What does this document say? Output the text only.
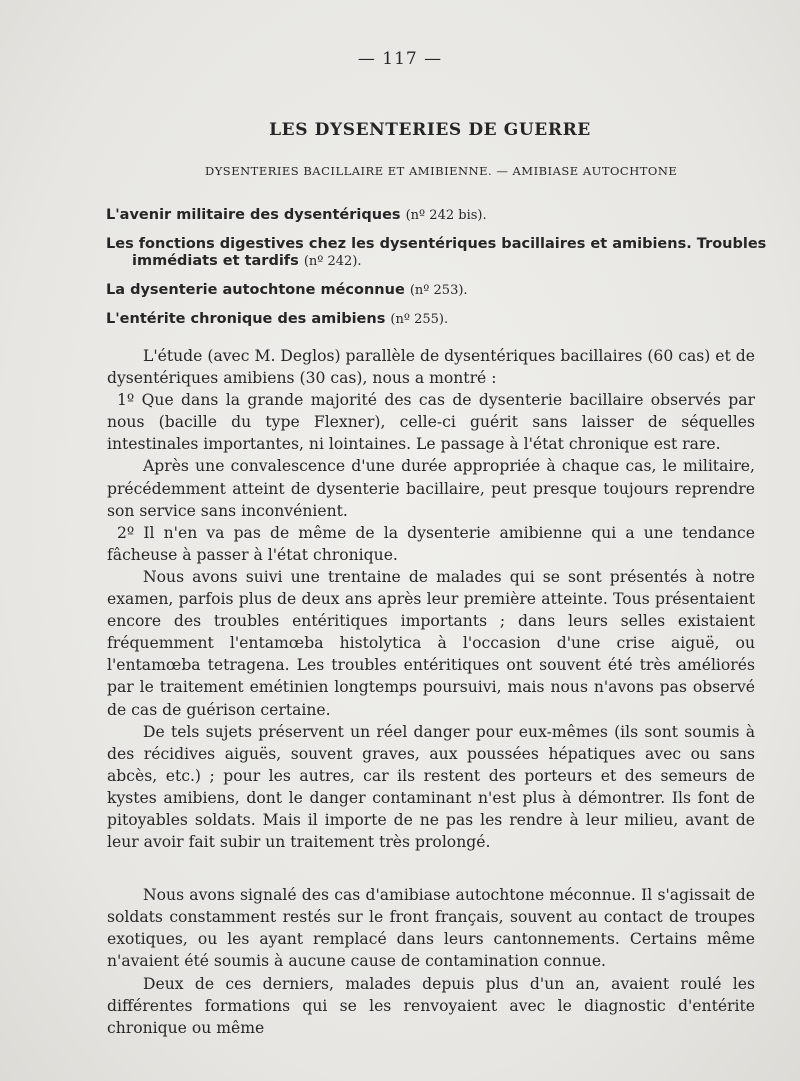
— 117 —
LES DYSENTERIES DE GUERRE
DYSENTERIES BACILLAIRE ET AMIBIENNE. — AMIBIASE AUTOCHTONE
L'avenir militaire des dysentériques (nº 242 bis).
Les fonctions digestives chez les dysentériques bacillaires et amibiens. Troubles
immédiats et tardifs (nº 242).
La dysenterie autochtone méconnue (nº 253).
L'entérite chronique des amibiens (nº 255).

L'étude (avec M. Deglos) parallèle de dysentériques bacillaires (60 cas) et de dysentériques amibiens (30 cas), nous a montré :

1º Que dans la grande majorité des cas de dysenterie bacillaire observés par nous (bacille du type Flexner), celle-ci guérit sans laisser de séquelles intestinales importantes, ni lointaines. Le passage à l'état chronique est rare.

Après une convalescence d'une durée appropriée à chaque cas, le militaire, précédemment atteint de dysenterie bacillaire, peut presque toujours reprendre son service sans inconvénient.

2º Il n'en va pas de même de la dysenterie amibienne qui a une tendance fâcheuse à passer à l'état chronique.

Nous avons suivi une trentaine de malades qui se sont présentés à notre examen, parfois plus de deux ans après leur première atteinte. Tous présentaient encore des troubles entéritiques importants ; dans leurs selles existaient fréquemment l'entamœba histolytica à l'occasion d'une crise aiguë, ou l'entamœba tetragena. Les troubles entéritiques ont souvent été très améliorés par le traitement emétinien longtemps poursuivi, mais nous n'avons pas observé de cas de guérison certaine.

De tels sujets préservent un réel danger pour eux-mêmes (ils sont soumis à des récidives aiguës, souvent graves, aux poussées hépatiques avec ou sans abcès, etc.) ; pour les autres, car ils restent des porteurs et des semeurs de kystes amibiens, dont le danger contaminant n'est plus à démontrer. Ils font de pitoyables soldats. Mais il importe de ne pas les rendre à leur milieu, avant de leur avoir fait subir un traitement très prolongé.

Nous avons signalé des cas d'amibiase autochtone méconnue. Il s'agissait de soldats constamment restés sur le front français, souvent au contact de troupes exotiques, ou les ayant remplacé dans leurs cantonnements. Certains même n'avaient été soumis à aucune cause de contamination connue.

Deux de ces derniers, malades depuis plus d'un an, avaient roulé les différentes formations qui se les renvoyaient avec le diagnostic d'entérite chronique ou même
